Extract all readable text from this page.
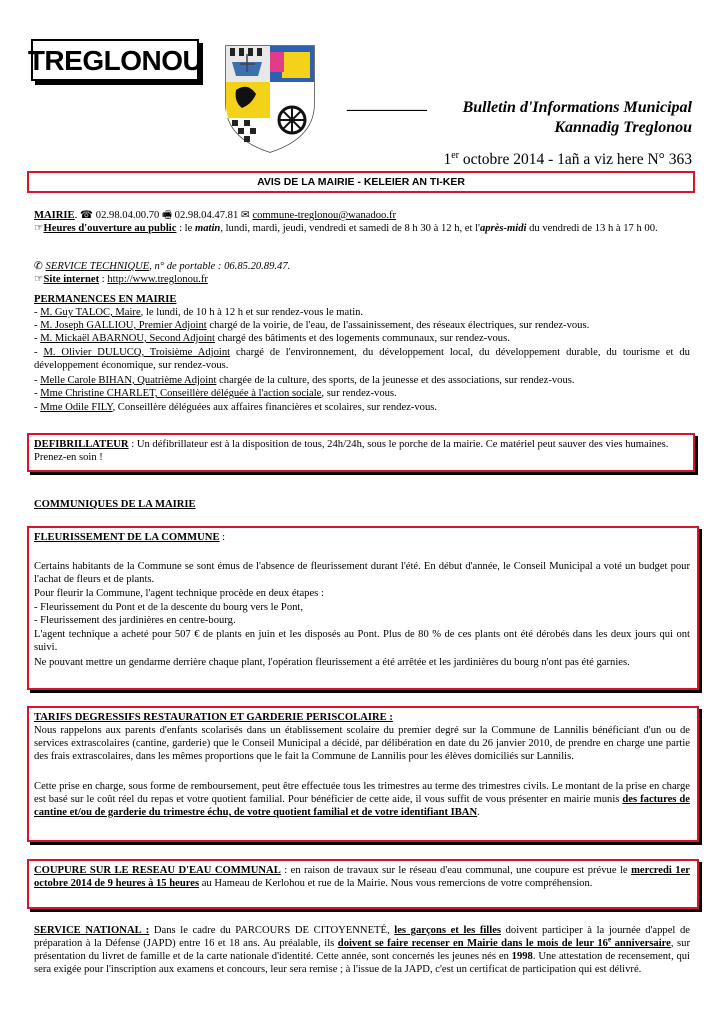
TREGLONOU
__________	Bulletin d'Informations Municipal
Kannadig Treglonou
1er octobre 2014 - 1añ a viz here N° 363
AVIS DE LA MAIRIE - KELEIER AN TI-KER
MAIRIE. ☎ 02.98.04.00.70 🖷 02.98.04.47.81 ✉ commune-treglonou@wanadoo.fr
☞Heures d'ouverture au public : le matin, lundi, mardi, jeudi, vendredi et samedi de 8 h 30 à 12 h, et l'après-midi du vendredi de 13 h à 17 h 00.
✆ SERVICE TECHNIQUE, n° de portable : 06.85.20.89.47.
☞Site internet : http://www.treglonou.fr
PERMANENCES EN MAIRIE
- M. Guy TALOC, Maire, le lundi, de 10 h à 12 h et sur rendez-vous le matin.
- M. Joseph GALLIOU, Premier Adjoint chargé de la voirie, de l'eau, de l'assainissement, des réseaux électriques, sur rendez-vous.
- M. Mickaël ABARNOU, Second Adjoint chargé des bâtiments et des logements communaux, sur rendez-vous.
- M. Olivier DULUCQ, Troisième Adjoint chargé de l'environnement, du développement local, du développement durable, du tourisme et du développement économique, sur rendez-vous.
- Melle Carole BIHAN, Quatrième Adjoint chargée de la culture, des sports, de la jeunesse et des associations, sur rendez-vous.
- Mme Christine CHARLET, Conseillère déléguée à l'action sociale, sur rendez-vous.
- Mme Odile FILY, Conseillère déléguées aux affaires financières et scolaires, sur rendez-vous.
DEFIBRILLATEUR : Un défibrillateur est à la disposition de tous, 24h/24h, sous le porche de la mairie. Ce matériel peut sauver des vies humaines. Prenez-en soin !
COMMUNIQUES DE LA MAIRIE
FLEURISSEMENT DE LA COMMUNE :
Certains habitants de la Commune se sont émus de l'absence de fleurissement durant l'été. En début d'année, le Conseil Municipal a voté un budget pour l'achat de fleurs et de plants.
Pour fleurir la Commune, l'agent technique procède en deux étapes :
- Fleurissement du Pont et de la descente du bourg vers le Pont,
- Fleurissement des jardinières en centre-bourg.
L'agent technique a acheté pour 507 € de plants en juin et les disposés au Pont. Plus de 80 % de ces plants ont été dérobés dans les deux jours qui ont suivi.
Ne pouvant mettre un gendarme derrière chaque plant, l'opération fleurissement a été arrêtée et les jardinières du bourg n'ont pas été garnies.
TARIFS DEGRESSIFS RESTAURATION ET GARDERIE PERISCOLAIRE :
Nous rappelons aux parents d'enfants scolarisés dans un établissement scolaire du premier degré sur la Commune de Lannilis bénéficiant d'un ou de services extrascolaires (cantine, garderie) que le Conseil Municipal a décidé, par délibération en date du 26 janvier 2010, de prendre en charge une partie des frais extrascolaires, dans les mêmes proportions que le fait la Commune de Lannilis pour les élèves domiciliés sur Lannilis.
Cette prise en charge, sous forme de remboursement, peut être effectuée tous les trimestres au terme des trimestres civils. Le montant de la prise en charge est basé sur le coût réel du repas et votre quotient familial. Pour bénéficier de cette aide, il vous suffit de vous présenter en mairie munis des factures de cantine et/ou de garderie du trimestre échu, de votre quotient familial et de votre identifiant IBAN.
COUPURE SUR LE RESEAU D'EAU COMMUNAL : en raison de travaux sur le réseau d'eau communal, une coupure est prévue le mercredi 1er octobre 2014 de 9 heures à 15 heures au Hameau de Kerlohou et rue de la Mairie. Nous vous remercions de votre compréhension.
SERVICE NATIONAL : Dans le cadre du PARCOURS DE CITOYENNETÉ, les garçons et les filles doivent participer à la journée d'appel de préparation à la Défense (JAPD) entre 16 et 18 ans. Au préalable, ils doivent se faire recenser en Mairie dans le mois de leur 16e anniversaire, sur présentation du livret de famille et de la carte nationale d'identité. Cette année, sont concernés les jeunes nés en 1998. Une attestation de recensement, qui sera exigée pour l'inscription aux examens et concours, leur sera remise ; à l'issue de la JAPD, c'est un certificat de participation qui est délivré.
